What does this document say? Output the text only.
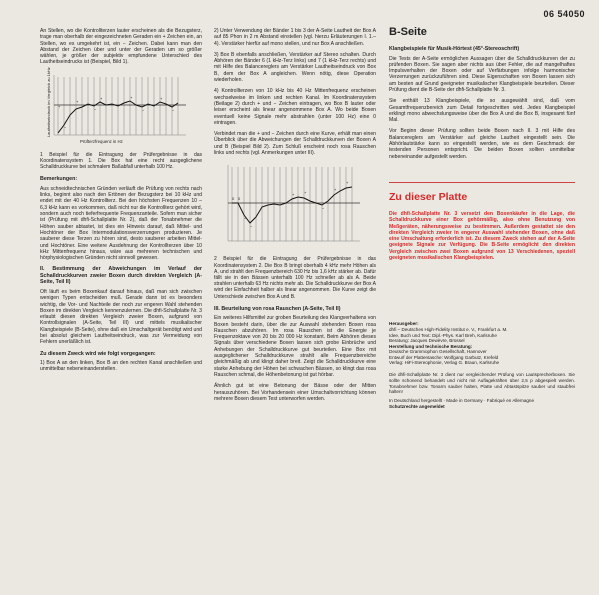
06 54050

An Stellen, wo die Kontrollterzen lauter erscheinen als die Bezugsterz, trage man oberhalb der eingezeichneten Geraden ein + Zeichen ein, an Stellen, wo es umgekehrt ist, ein − Zeichen. Dabei kann man den Abstand der Zeichen über und unter der Geraden um so größer wählen, je größer der subjektiv empfundene Unterschied des Lautheitseindrucks ist (Beispiel, Bild 1).

+
+
+	+	+
−
−	−	−
Prüfterzfrequenz in Hz
Lautheitseindruck im Vergleich zu 1kHz
1 Beispiel für die Eintragung der Prüfergebnisse in das Koordinatensystem 1. Die Box hat eine recht ausgeglichene Schalldruckkurve bei schmalem Baßabfall unterhalb 100 Hz.
Bemerkungen:

Aus schneidtechnischen Gründen verläuft die Prüfung von rechts nach links, beginnt also nach den Ertönen der Bezugsterz bei 10 kHz und endet mit der 40 Hz Kontrollterz. Bei den höchsten Frequenzen 10 – 6,3 kHz kann es vorkommen, daß nicht nur die Kontrollterz gehört wird, sondern auch noch tieferfrequente Frequenzanteile. Sofern man sicher ist (Prüfung mit dhfi-Schallplatte Nr. 2), daß der Tonabnehmer die Höhen sauber abtastet, ist dies ein Hinweis darauf, daß Mittel- und Hochtöner der Box Intermodulationsverzerrungen produzieren. Je sauberer diese Terzen zu hören sind, desto sauberer arbeiten Mittel- und Hochtöner. Eine weitere Ausdehnung der Kontrollterzen über 10 kHz Mittenfrequenz hinaus, wäre aus mehreren technischen und hörphysiologischen Gründen nicht sinnvoll gewesen.

II. Bestimmung der Abweichungen im Verlauf der Schalldruckkurven zweier Boxen durch direkten Vergleich (A-Seite, Teil II)

Oft läuft es beim Boxenkauf darauf hinaus, daß man sich zwischen wenigen Typen entscheiden muß. Gerade dann ist es besonders wichtig, die Vor- und Nachteile der noch zur engeren Wahl stehenden Boxen im direkten Vergleich kennenzulernen. Die dhfi-Schallplatte Nr. 3 erlaubt diesen direkten Vergleich zweier Boxen, aufgrund von Kontrollsignalen (A-Seite, Teil III) und mittels musikalischer Klangbeispiele (B-Seite), ohne daß ein Umschaltgerät benötigt wird und bei absolut gleichem Lautheitseindruck, was zur Vermeidung von Fehlern unerläßlich ist.

Zu diesem Zweck wird wie folgt vorgegangen:

1) Box A an den linken, Box B an den rechten Kanal anschließen und unmittelbar nebeneinanderstellen.

2) Unter Verwendung der Bänder 1 bis 3 der A-Seite Lautheit der Box A auf 85 Phon in 2 m Abstand einstellen (vgl. hierzu Erläuterungen I. 1.–4). Verstärker hierfür auf mono stellen, und nur Box A anschließen.

3) Box B ebenfalls anschließen, Verstärker auf Stereo schalten. Durch Abhören der Bänder 6 (1 kHz-Terz links) und 7 (1 kHz-Terz rechts) und mit Hilfe des Balancereglers am Verstärker Lautheitseindruck von Box B, dem der Box A angleichen. Wenn nötig, diese Operation wiederholen.

4) Kontrollterzen von 10 kHz bis 40 Hz Mittenfrequenz erscheinen wechselweise im linken und rechten Kanal. Im Koordinatensystem (Beilage 2) durch + und − Zeichen eintragen, wo Box B lauter oder leiser erscheint als linear angenommene Box A. Wo beide Boxen eventuell keine Signale mehr abstrahlen (unter 100 Hz) eine 0 eintragen.

Verbindet man die + und − Zeichen durch eine Kurve, erhält man einen Überblick über die Abweichungen der Schalldruckkurven der Boxen A und B (Beispiel Bild 2). Zum Schluß erscheint noch rosa Rauschen links und rechts (vgl. Anmerkungen unter III).

+ +
+
+
−
−
−
0 0
2 Beispiel für die Eintragung der Prüfergebnisse in das Koordinatensystem 2. Die Box B bringt oberhalb 4 kHz mehr Höhen als A, und strahlt den Frequenzbereich 630 Hz bis 1,6 kHz stärker ab. Dafür fällt sie in den Bässen unterhalb 100 Hz schneller ab als A. Beide strahlen unterhalb 63 Hz nichts mehr ab. Die Schalldruckkurve der Box A wird der Einfachheit halber als linear angenommen. Die Kurve zeigt die Unterschiede zwischen Box A und B.
III. Beurteilung von rosa Rauschen (A-Seite, Teil II)

Ein weiteres Hilfsmittel zur groben Beurteilung des Klangverhaltens von Boxen besteht darin, über die zur Auswahl stehenden Boxen rosa Rauschen abzuhören. Im rosa Rauschen ist die Energie je Frequenzoktave von 20 bis 20 000 Hz konstant. Beim Abhören dieses Signals über verschiedene Boxen lassen sich grobe Einbrüche und Anhebungen der Schalldruckkurve gut beurteilen. Eine Box mit ausgeglichener Schalldruckkurve strahlt alle Frequenzbereiche gleichmäßig ab und klingt daher breit. Zeigt die Schalldruckkurve eine starke Anhebung der Höhen bei schwachen Bässen, so klingt das rosa Rauschen schmal, die Höhenbetonung ist gut hörbar.

Ähnlich gut ist eine Betonung der Bässe oder der Mitten herauszuhören. Bei Vorhandensein einer Umschaltvorrichtung können mehrere Boxen diesem Test unterworfen werden.

B-Seite
Klangbeispiele für Musik-Hörtest (45°-Stereoschrift)

Die Tests der A-Seite ermöglichen Aussagen über die Schalldruckkurven der zu prüfenden Boxen. Sie sagen aber nichts aus über Fehler, die auf mangelhaftes Impulsverhalten der Boxen oder auf Verfärbungen infolge harmonischer Verzerrungen zurückzuführen sind. Diese Eigenschaften von Boxen lassen sich am besten auf Grund geeigneter musikalischer Klangbeispiele beurteilen. Dieser Prüfung dient die B-Seite der dhfi-Schallplatte Nr. 3.

Sie enthält 13 Klangbeispiele, die so ausgewählt sind, daß vom Gesamtfrequenzbereich zum Detail fortgeschritten wird. Jedes Klangbeispiel erklingt mono abwechslungsweise über die Box A und die Box B, insgesamt fünf Mal.

Vor Beginn dieser Prüfung sollten beide Boxen nach II. 3 mit Hilfe des Balancereglers am Verstärker auf gleiche Lautheit eingestellt sein. Die Abhörlautstärke kann so eingestellt werden, wie es dem Geschmack der testenden Personen entspricht. Die beiden Boxen sollten unmittelbar nebeneinander aufgestellt werden.

Zu dieser Platte

Die dhfi-Schallplatte Nr. 3 versetzt den Boxenkäufer in die Lage, die Schalldruckkurve einer Box gehörmäßig, also ohne Benutzung von Meßgeräten, näherungsweise zu bestimmen. Außerdem gestattet sie den direkten Vergleich zweier in engerer Auswahl stehender Boxen, ohne daß eine Umschaltung erforderlich ist. Zu diesem Zweck stehen auf der A-Seite geeignete Signale zur Verfügung. Die B-Seite ermöglicht den direkten Vergleich zwischen zwei Boxen aufgrund von 13 Verschiedenen, speziell geeigneten musikalischen Klangbeispielen.

Herausgeber:
dhfi – Deutsches High-Fidelity Institut e. V., Frankfurt a. M.
Idee, Buch und Text: Dipl.-Phys. Karl Breh, Karlsruhe
Beratung: Jacques Dewèvre, Brüssel
Herstellung und technische Beratung:
Deutsche Grammophon Gesellschaft, Hannover
Entwurf der Plattentasche: Wolfgang Garbutz, Krefeld
Verlag: HiFi-Stereophonie, Verlag G. Braun, Karlsruhe
Die dhfi-Schallplatte Nr. 3 dient nur vergleichender Prüfung von Lautsprecherboxen. Sie sollte schonend behandelt und nicht mit Auflagekräften über 2,5 p abgespielt werden. Tonabnehmer bzw. Tonarm sauber halten, Platte und Abtastspitze sauber und staubfrei halten!
In Deutschland hergestellt · Made in Germany · Fabriqué en Allemagne
Schutzrechte angemeldet
